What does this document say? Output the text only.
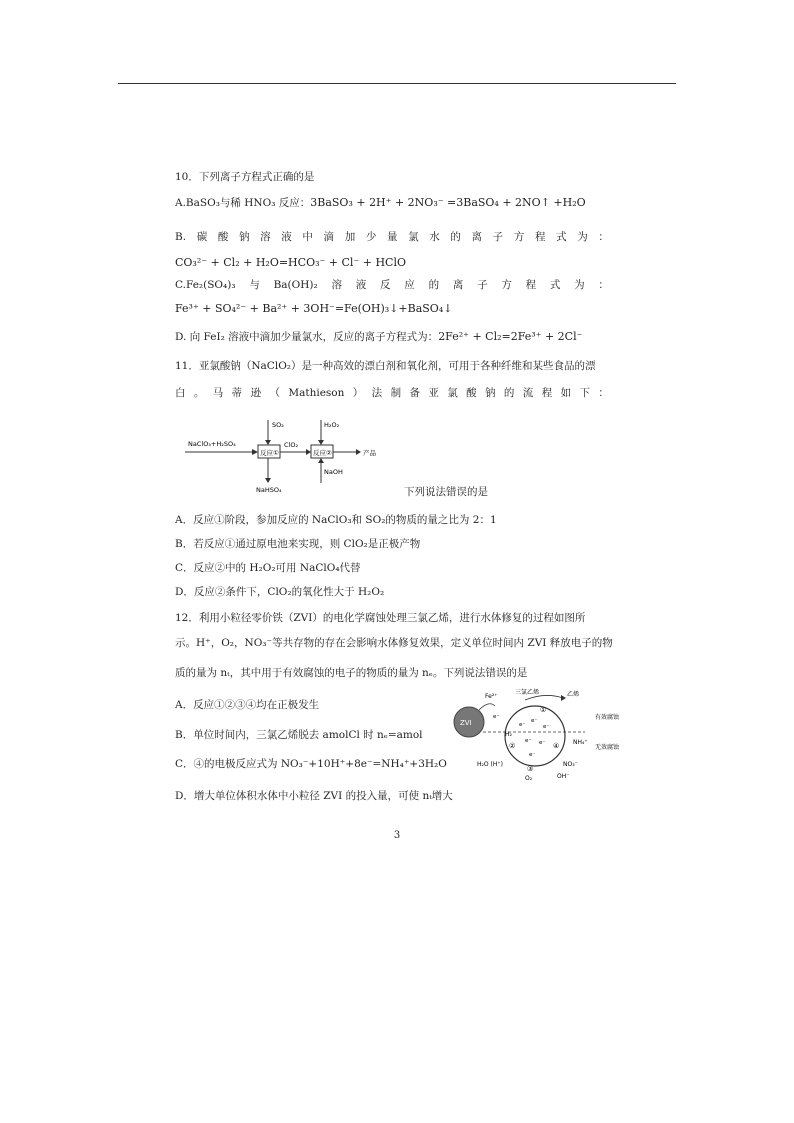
10．下列离子方程式正确的是
A.BaSO₃与稀 HNO₃ 反应：3BaSO₃ + 2H⁺ + 2NO₃⁻ =3BaSO₄ + 2NO↑ +H₂O
B. 碳 酸 钠 溶 液 中 滴 加 少 量 氯 水 的 离 子 方 程 式 为 ：
CO₃²⁻ + Cl₂ + H₂O=HCO₃⁻ + Cl⁻ + HClO
C.Fe₂(SO₄)₃ 与 Ba(OH)₂ 溶 液 反 应 的 离 子 方 程 式 为 ：
Fe³⁺ + SO₄²⁻ + Ba²⁺ + 3OH⁻=Fe(OH)₃↓+BaSO₄↓
D. 向 FeI₂ 溶液中滴加少量氯水，反应的离子方程式为：2Fe²⁺ + Cl₂=2Fe³⁺ + 2Cl⁻
11．亚氯酸钠（NaClO₂）是一种高效的漂白剂和氧化剂，可用于各种纤维和某些食品的漂
白 。 马 蒂 逊 （ Mathieson ） 法 制 备 亚 氯 酸 钠 的 流 程 如 下 ：
NaClO₃+H₂SO₄
SO₂
反应①
ClO₂
NaHSO₄
H₂O₂
反应②
NaOH
产品
下列说法错误的是
A．反应①阶段，参加反应的 NaClO₃和 SO₂的物质的量之比为 2：1
B．若反应①通过原电池来实现，则 ClO₂是正极产物
C．反应②中的 H₂O₂可用 NaClO₄代替
D．反应②条件下，ClO₂的氧化性大于 H₂O₂
12．利用小粒径零价铁（ZVI）的电化学腐蚀处理三氯乙烯，进行水体修复的过程如图所
示。H⁺，O₂，NO₃⁻等共存物的存在会影响水体修复效果，定义单位时间内 ZVI 释放电子的物
质的量为 nₜ，其中用于有效腐蚀的电子的物质的量为 nₑ。下列说法错误的是
A．反应①②③④均在正极发生
B．单位时间内，三氯乙烯脱去 amolCl 时 nₑ=amol
C．④的电极反应式为 NO₃⁻+10H⁺+8e⁻=NH₄⁺+3H₂O
D．增大单位体积水体中小粒径 ZVI 的投入量，可使 nₜ增大
ZVI
Fe²⁺
三氯乙烯	乙烯
①
有效腐蚀
无效腐蚀
H₂
②	④ NH₄⁺
H₂O (H⁺)
③
O₂
NO₃⁻
OH⁻
e⁻
e⁻
e⁻
e⁻ e⁻
e⁻
e⁻
3
